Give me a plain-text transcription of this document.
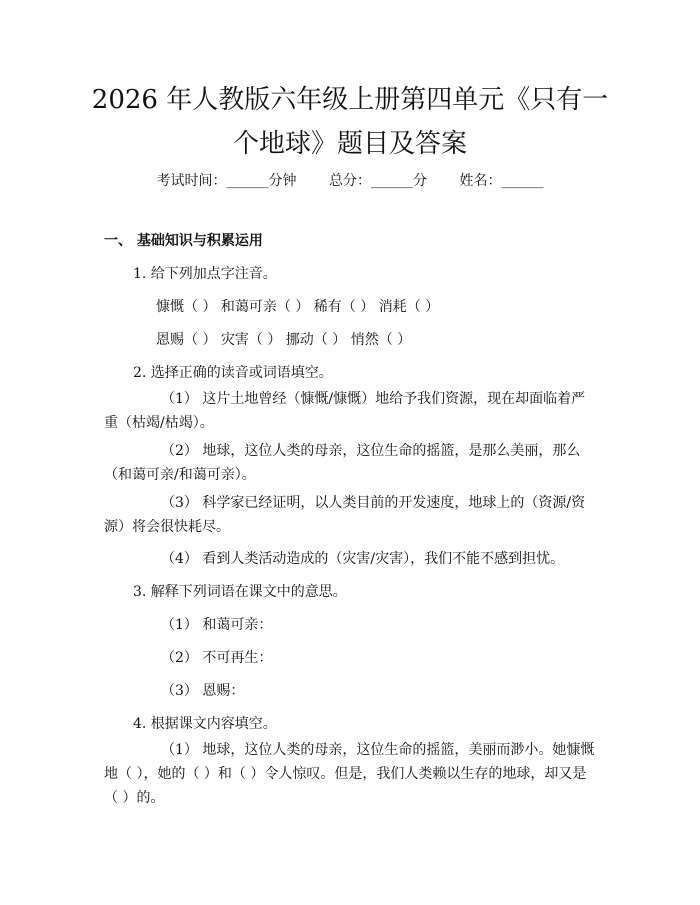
2026 年人教版六年级上册第四单元《只有一
个地球》题目及答案
考试时间：______分钟 总分：______分 姓名：______
一、 基础知识与积累运用
1. 给下列加点字注音。
慷慨（ ） 和蔼可亲（ ） 稀有（ ） 消耗（ ）
恩赐（ ） 灾害（ ） 挪动（ ） 悄然（ ）
2. 选择正确的读音或词语填空。
（1） 这片土地曾经（慷慨/慷慨）地给予我们资源，现在却面临着严重（枯竭/枯竭）。
（2） 地球，这位人类的母亲，这位生命的摇篮，是那么美丽，那么（和蔼可亲/和蔼可亲）。
（3） 科学家已经证明，以人类目前的开发速度，地球上的（资源/资源）将会很快耗尽。
（4） 看到人类活动造成的（灾害/灾害），我们不能不感到担忧。
3. 解释下列词语在课文中的意思。
（1） 和蔼可亲：
（2） 不可再生：
（3） 恩赐：
4. 根据课文内容填空。
（1） 地球，这位人类的母亲，这位生命的摇篮，美丽而渺小。她慷慨地（ ），她的（ ）和（ ）令人惊叹。但是，我们人类赖以生存的地球，却又是（ ）的。
